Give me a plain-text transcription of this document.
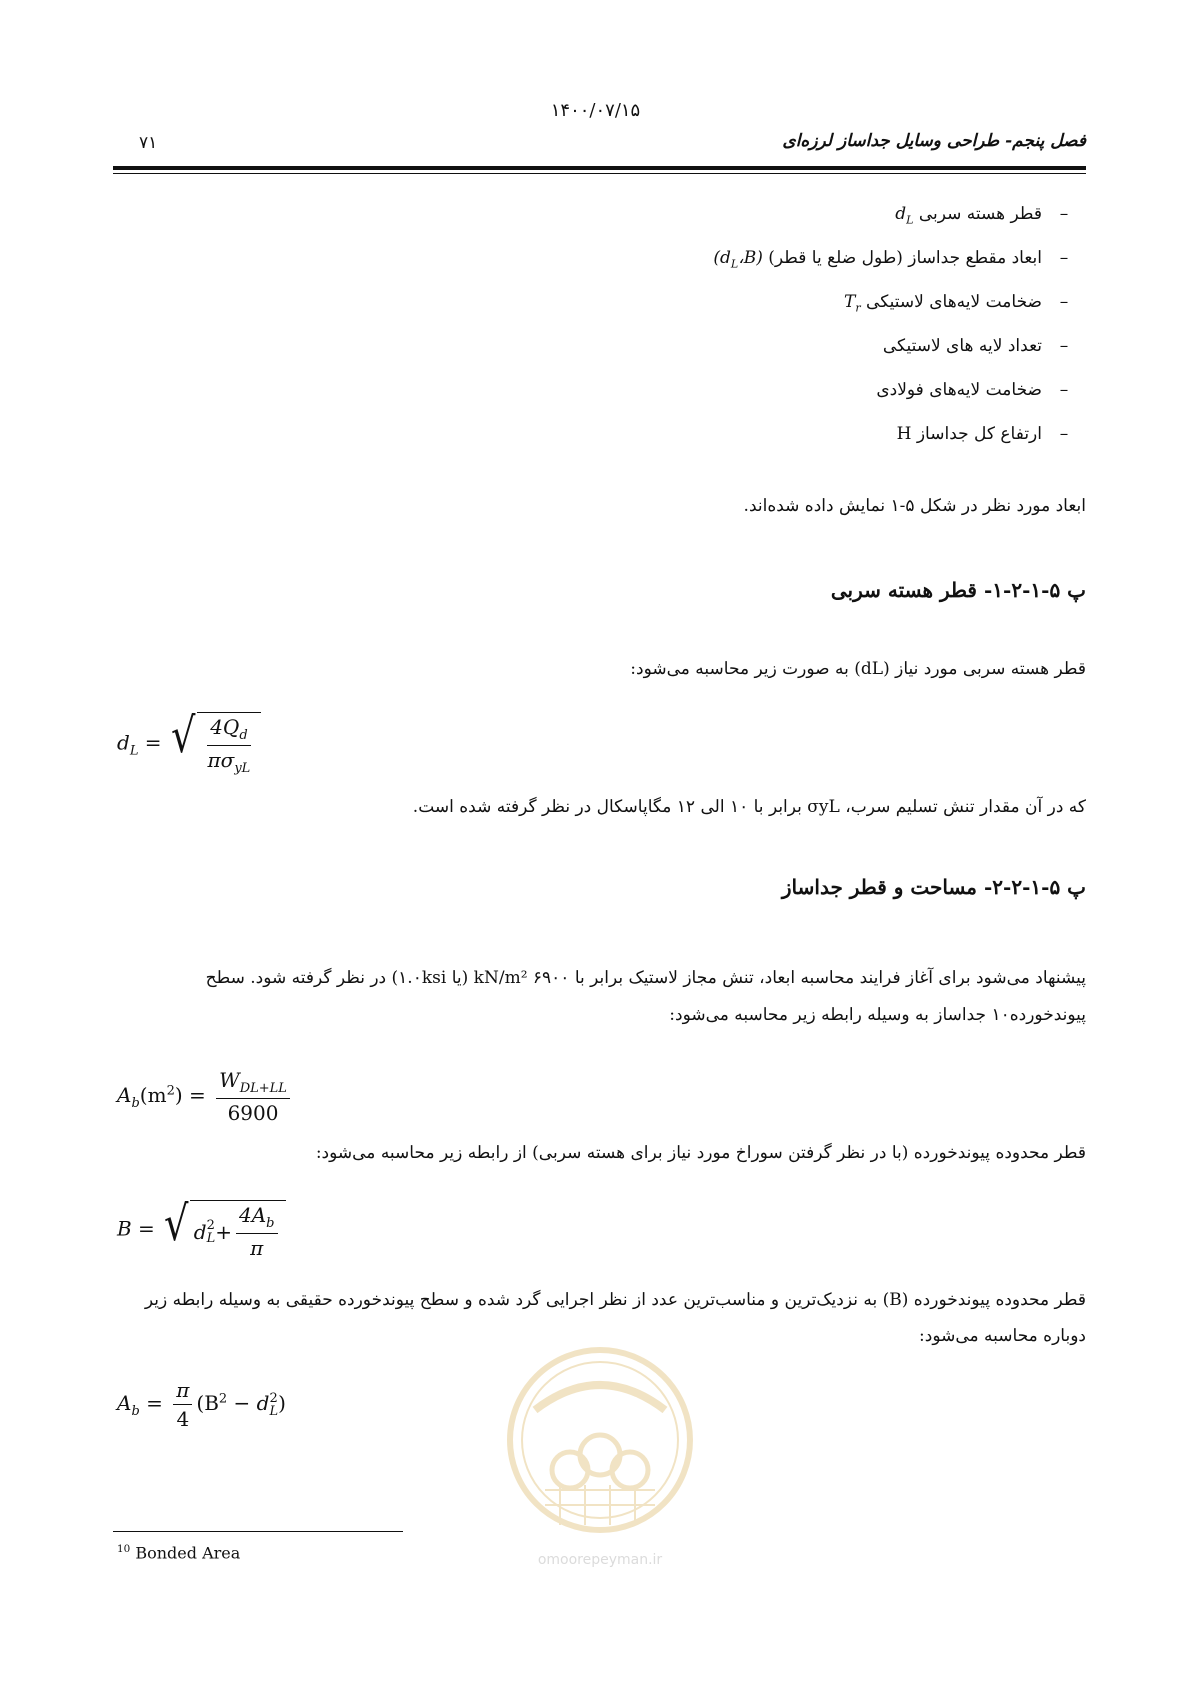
۱۴۰۰/۰۷/۱۵
۷۱	فصل پنجم- طراحی وسایل جداساز لرزه‌ای
–قطر هسته سربی $d_L$
–ابعاد مقطع جداساز (طول ضلع یا قطر) $(d_L،B)$
–ضخامت لایه‌های لاستیکی $T_r$
–تعداد لایه های لاستیکی
–ضخامت لایه‌های فولادی
–ارتفاع کل جداساز H
ابعاد مورد نظر در شکل ۵-۱ نمایش داده شده‌اند.
پ ۵-۱-۲-۱- قطر هسته سربی
قطر هسته سربی مورد نیاز (dL) به صورت زیر محاسبه می‌شود:
$d_L$ = √ $\frac{4Q_d}{\pi\sigma_{yL}}$
که در آن مقدار تنش تسلیم سرب، σyL برابر با ۱۰ الی ۱۲ مگاپاسکال در نظر گرفته شده است.
پ ۵-۱-۲-۲- مساحت و قطر جداساز
پیشنهاد می‌شود برای آغاز فرایند محاسبه ابعاد، تنش مجاز لاستیک برابر با kN/m² ۶۹۰۰ (یا ۱.۰ksi) در نظر گرفته شود. سطح
پیوندخورده۱۰ جداساز به وسیله رابطه زیر محاسبه می‌شود:
$A_b(m^2) = \frac{W_{DL+LL}}{6900}$
قطر محدوده پیوندخورده (با در نظر گرفتن سوراخ مورد نیاز برای هسته سربی) از رابطه زیر محاسبه می‌شود:
B = √ d 2
$L + \frac{4A_b}{\pi}$
قطر محدوده پیوندخورده (B) به نزدیک‌ترین و مناسب‌ترین عدد از نظر اجرایی گرد شده و سطح پیوندخورده حقیقی به وسیله رابطه زیر
دوباره محاسبه می‌شود:
$A_b = \frac{\pi}{4} (B^2 - d$ 2
L )
omoorepeyman.ir
$^{10}$ Bonded Area
